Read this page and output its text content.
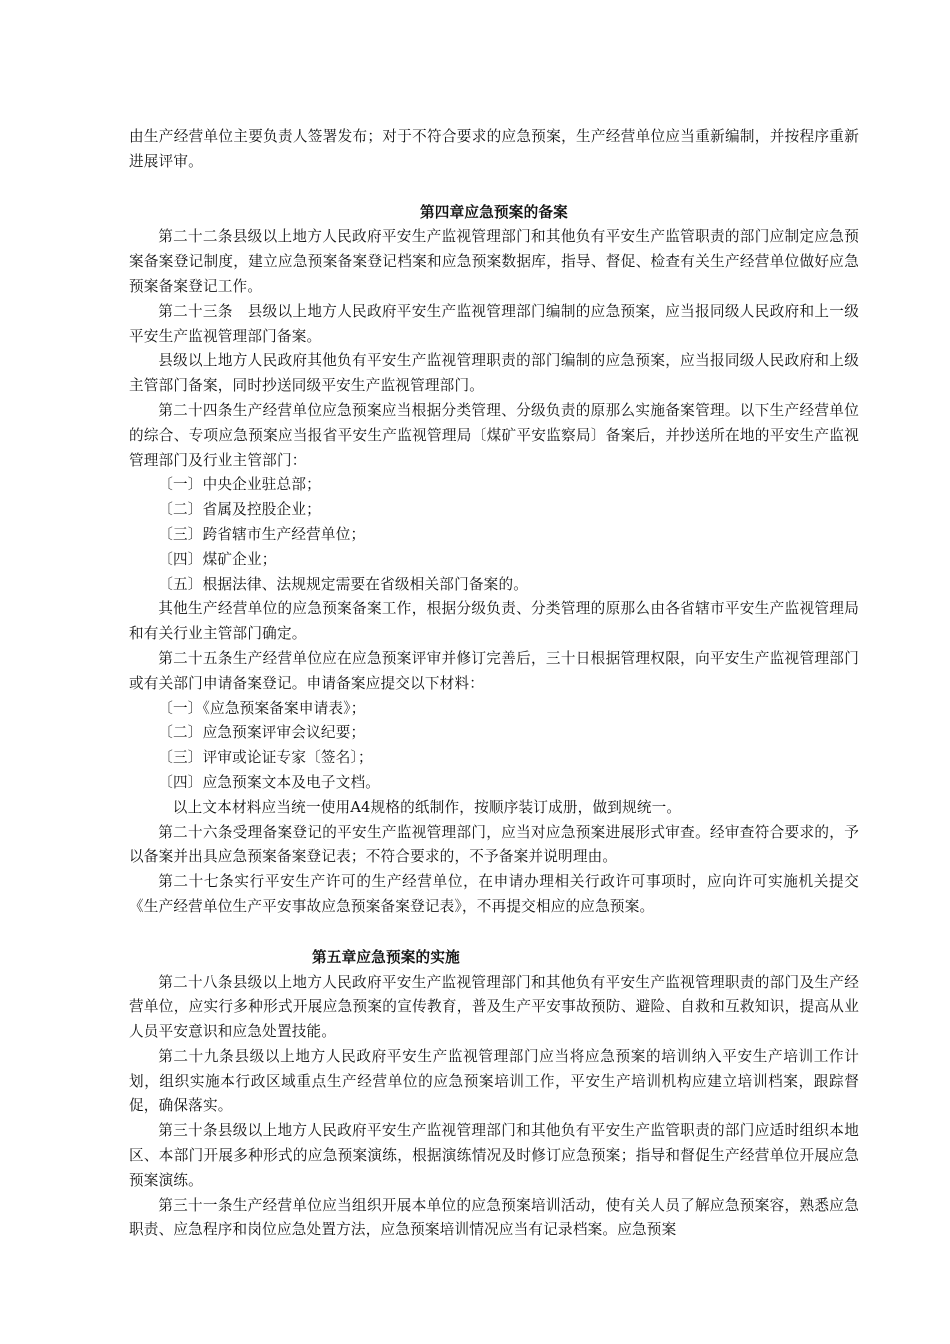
由生产经营单位主要负责人签署发布；对于不符合要求的应急预案，生产经营单位应当重新编制，并按程序重新进展评审。

第四章应急预案的备案

第二十二条县级以上地方人民政府平安生产监视管理部门和其他负有平安生产监管职责的部门应制定应急预案备案登记制度，建立应急预案备案登记档案和应急预案数据库，指导、督促、检查有关生产经营单位做好应急预案备案登记工作。

第二十三条　县级以上地方人民政府平安生产监视管理部门编制的应急预案，应当报同级人民政府和上一级平安生产监视管理部门备案。

县级以上地方人民政府其他负有平安生产监视管理职责的部门编制的应急预案，应当报同级人民政府和上级主管部门备案，同时抄送同级平安生产监视管理部门。

第二十四条生产经营单位应急预案应当根据分类管理、分级负责的原那么实施备案管理。以下生产经营单位的综合、专项应急预案应当报省平安生产监视管理局〔煤矿平安监察局〕备案后，并抄送所在地的平安生产监视管理部门及行业主管部门：

〔一〕中央企业驻总部；

〔二〕省属及控股企业；

〔三〕跨省辖市生产经营单位；

〔四〕煤矿企业；

〔五〕根据法律、法规规定需要在省级相关部门备案的。

其他生产经营单位的应急预案备案工作，根据分级负责、分类管理的原那么由各省辖市平安生产监视管理局和有关行业主管部门确定。

第二十五条生产经营单位应在应急预案评审并修订完善后，三十日根据管理权限，向平安生产监视管理部门或有关部门申请备案登记。申请备案应提交以下材料：

〔一〕《应急预案备案申请表》；

〔二〕应急预案评审会议纪要；

〔三〕评审或论证专家〔签名〕；

〔四〕应急预案文本及电子文档。

以上文本材料应当统一使用A4规格的纸制作，按顺序装订成册，做到规统一。

第二十六条受理备案登记的平安生产监视管理部门，应当对应急预案进展形式审查。经审查符合要求的，予以备案并出具应急预案备案登记表；不符合要求的，不予备案并说明理由。

第二十七条实行平安生产许可的生产经营单位，在申请办理相关行政许可事项时，应向许可实施机关提交《生产经营单位生产平安事故应急预案备案登记表》，不再提交相应的应急预案。

第五章应急预案的实施

第二十八条县级以上地方人民政府平安生产监视管理部门和其他负有平安生产监视管理职责的部门及生产经营单位，应实行多种形式开展应急预案的宣传教育，普及生产平安事故预防、避险、自救和互救知识，提高从业人员平安意识和应急处置技能。

第二十九条县级以上地方人民政府平安生产监视管理部门应当将应急预案的培训纳入平安生产培训工作计划，组织实施本行政区域重点生产经营单位的应急预案培训工作，平安生产培训机构应建立培训档案，跟踪督促，确保落实。

第三十条县级以上地方人民政府平安生产监视管理部门和其他负有平安生产监管职责的部门应适时组织本地区、本部门开展多种形式的应急预案演练，根据演练情况及时修订应急预案；指导和督促生产经营单位开展应急预案演练。

第三十一条生产经营单位应当组织开展本单位的应急预案培训活动，使有关人员了解应急预案容，熟悉应急职责、应急程序和岗位应急处置方法，应急预案培训情况应当有记录档案。应急预案
